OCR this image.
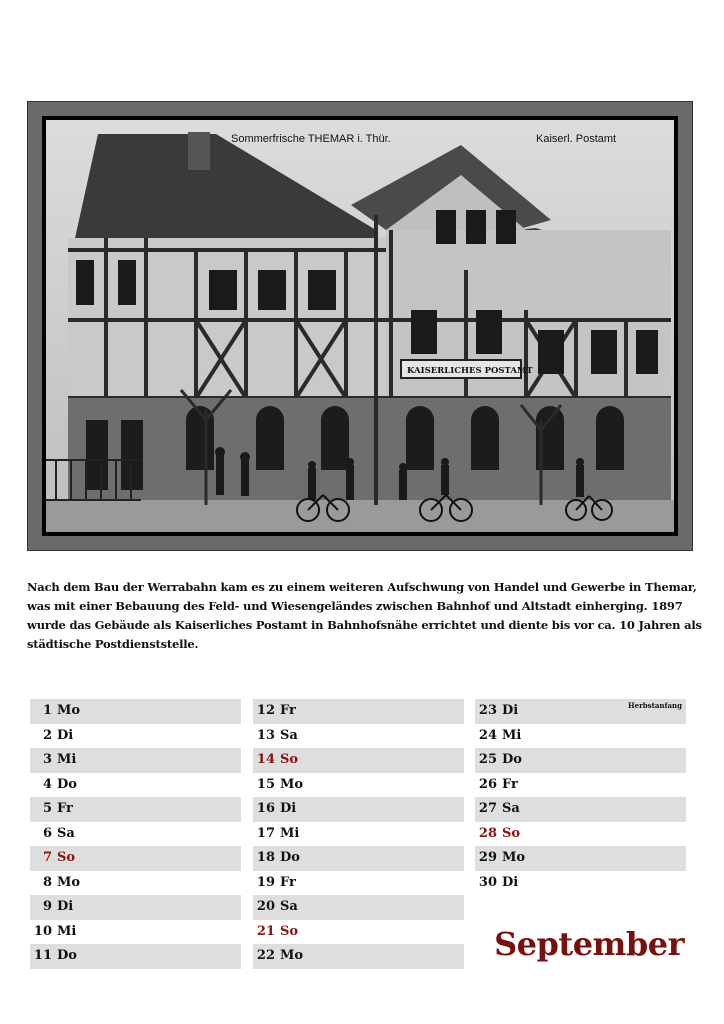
Sommerfrische THEMAR i. Thür.	Kaiserl. Postamt
KAISERLICHES POSTAMT
Nach dem Bau der Werrabahn kam es zu einem weiteren Aufschwung von Handel und Gewerbe in Themar, was mit einer Bebauung des Feld- und Wiesengeländes zwischen Bahnhof und Altstadt einherging. 1897 wurde das Gebäude als Kaiserliches Postamt in Bahnhofsnähe errichtet und diente bis vor ca. 10 Jahren als städtische Postdienststelle.
1 Mo
2 Di
3 Mi
4 Do
5 Fr
6 Sa
7 So
8 Mo
9 Di
10 Mi
11 Do
12 Fr
13 Sa
14 So
15 Mo
16 Di
17 Mi
18 Do
19 Fr
20 Sa
21 So
22 Mo
23 Di	Herbstanfang
24 Mi
25 Do
26 Fr
27 Sa
28 So
29 Mo
30 Di
September
